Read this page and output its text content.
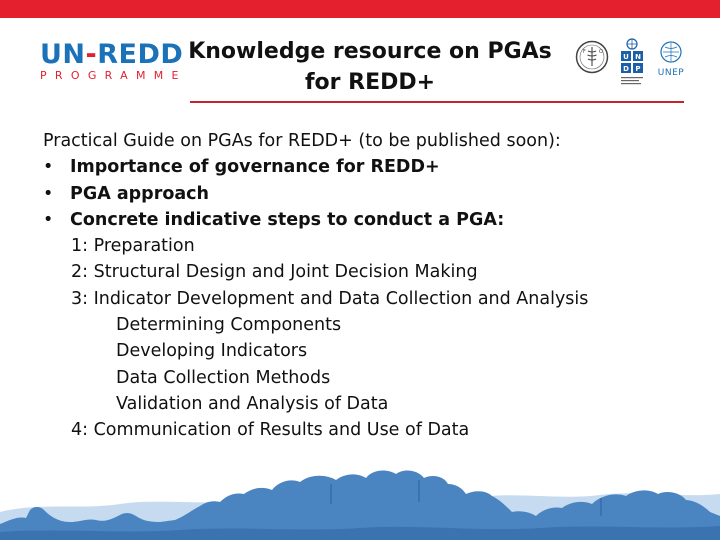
UN-REDD
PROGRAMME
Knowledge resource on PGAs
for REDD+
F	O
U N
D P UNEP
Practical Guide on PGAs for REDD+ (to be published soon):
• Importance of governance for REDD+
• PGA approach
• Concrete indicative steps to conduct a PGA:
1: Preparation
2: Structural Design and Joint Decision Making
3: Indicator Development and Data Collection and Analysis
Determining Components
Developing Indicators
Data Collection Methods
Validation and Analysis of Data
4: Communication of Results and Use of Data
